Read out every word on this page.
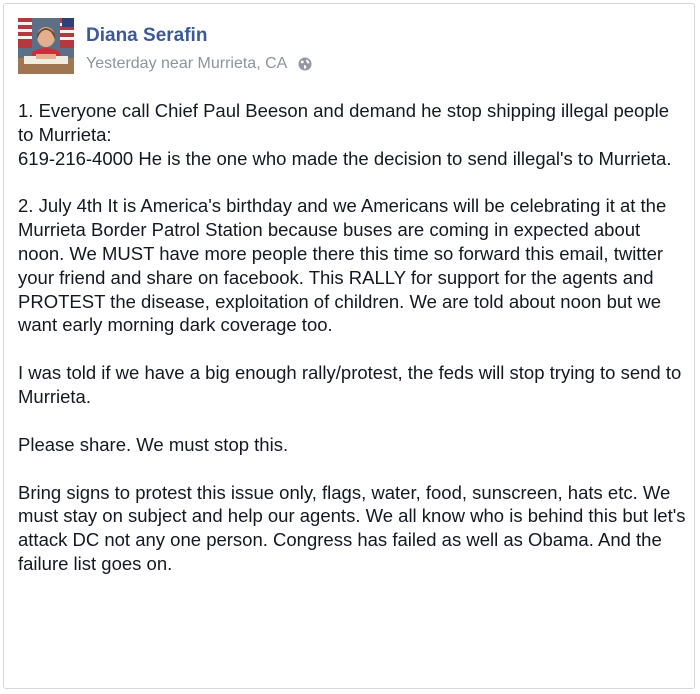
Diana Serafin
Yesterday near Murrieta, CA

1. Everyone call Chief Paul Beeson and demand he stop shipping illegal people to Murrieta:
619-216-4000 He is the one who made the decision to send illegal's to Murrieta.

2. July 4th It is America's birthday and we Americans will be celebrating it at the Murrieta Border Patrol Station because buses are coming in expected about noon. We MUST have more people there this time so forward this email, twitter your friend and share on facebook. This RALLY for support for the agents and PROTEST the disease, exploitation of children. We are told about noon but we want early morning dark coverage too.

I was told if we have a big enough rally/protest, the feds will stop trying to send to Murrieta.

Please share. We must stop this.

Bring signs to protest this issue only, flags, water, food, sunscreen, hats etc. We must stay on subject and help our agents. We all know who is behind this but let's attack DC not any one person. Congress has failed as well as Obama. And the failure list goes on.
